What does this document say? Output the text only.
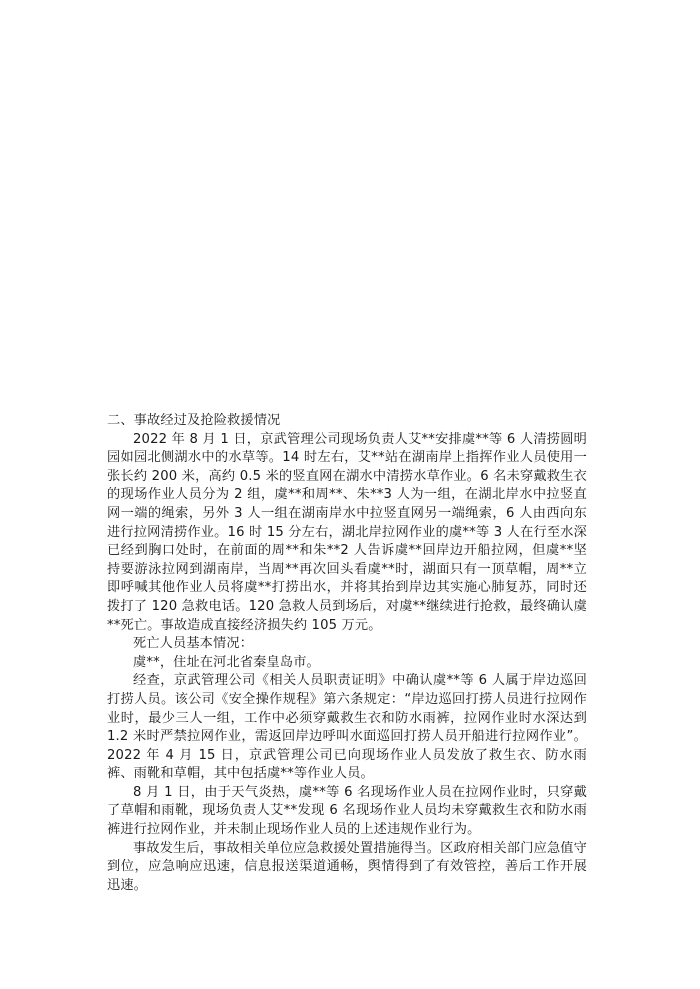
二、事故经过及抢险救援情况

2022 年 8 月 1 日，京武管理公司现场负责人艾**安排虞**等 6 人清捞圆明园如园北侧湖水中的水草等。14 时左右，艾**站在湖南岸上指挥作业人员使用一张长约 200 米，高约 0.5 米的竖直网在湖水中清捞水草作业。6 名未穿戴救生衣的现场作业人员分为 2 组，虞**和周**、朱**3 人为一组，在湖北岸水中拉竖直网一端的绳索，另外 3 人一组在湖南岸水中拉竖直网另一端绳索，6 人由西向东进行拉网清捞作业。16 时 15 分左右，湖北岸拉网作业的虞**等 3 人在行至水深已经到胸口处时，在前面的周**和朱**2 人告诉虞**回岸边开船拉网，但虞**坚持要游泳拉网到湖南岸，当周**再次回头看虞**时，湖面只有一顶草帽，周**立即呼喊其他作业人员将虞**打捞出水，并将其抬到岸边其实施心肺复苏，同时还拨打了 120 急救电话。120 急救人员到场后，对虞**继续进行抢救，最终确认虞**死亡。事故造成直接经济损失约 105 万元。

死亡人员基本情况：

虞**，住址在河北省秦皇岛市。

经查，京武管理公司《相关人员职责证明》中确认虞**等 6 人属于岸边巡回打捞人员。该公司《安全操作规程》第六条规定：“岸边巡回打捞人员进行拉网作业时，最少三人一组，工作中必须穿戴救生衣和防水雨裤，拉网作业时水深达到 1.2 米时严禁拉网作业，需返回岸边呼叫水面巡回打捞人员开船进行拉网作业”。2022 年 4 月 15 日，京武管理公司已向现场作业人员发放了救生衣、防水雨裤、雨靴和草帽，其中包括虞**等作业人员。

8 月 1 日，由于天气炎热，虞**等 6 名现场作业人员在拉网作业时，只穿戴了草帽和雨靴，现场负责人艾**发现 6 名现场作业人员均未穿戴救生衣和防水雨裤进行拉网作业，并未制止现场作业人员的上述违规作业行为。

事故发生后，事故相关单位应急救援处置措施得当。区政府相关部门应急值守到位，应急响应迅速，信息报送渠道通畅，舆情得到了有效管控，善后工作开展迅速。
